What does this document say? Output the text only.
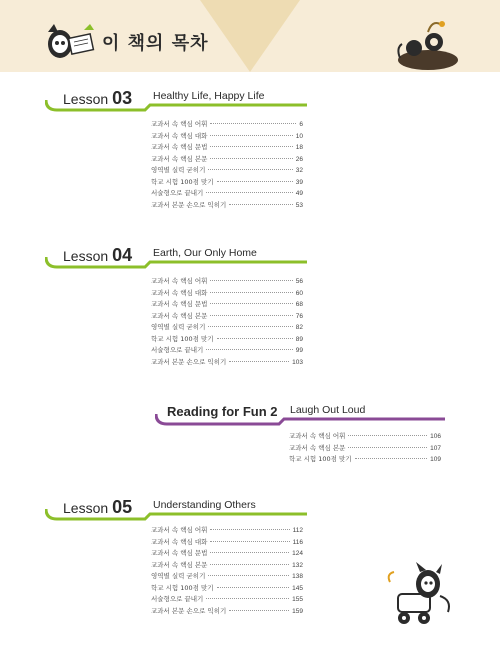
이 책의 목차
Lesson 03 Healthy Life, Happy Life
교과서 속 핵심 어휘	6
교과서 속 핵심 대화	10
교과서 속 핵심 문법	18
교과서 속 핵심 본문	26
영역별 실력 굳히기	32
학교 시험 100점 맞기	39
서술형으로 끝내기	49
교과서 본문 손으로 익히기	53
Lesson 04 Earth, Our Only Home
교과서 속 핵심 어휘	56
교과서 속 핵심 대화	60
교과서 속 핵심 문법	68
교과서 속 핵심 본문	76
영역별 실력 굳히기	82
학교 시험 100점 맞기	89
서술형으로 끝내기	99
교과서 본문 손으로 익히기	103
Reading for Fun 2 Laugh Out Loud
교과서 속 핵심 어휘	106
교과서 속 핵심 본문	107
학교 시험 100점 맞기	109
Lesson 05 Understanding Others
교과서 속 핵심 어휘	112
교과서 속 핵심 대화	116
교과서 속 핵심 문법	124
교과서 속 핵심 본문	132
영역별 실력 굳히기	138
학교 시험 100점 맞기	145
서술형으로 끝내기	155
교과서 본문 손으로 익히기	159
